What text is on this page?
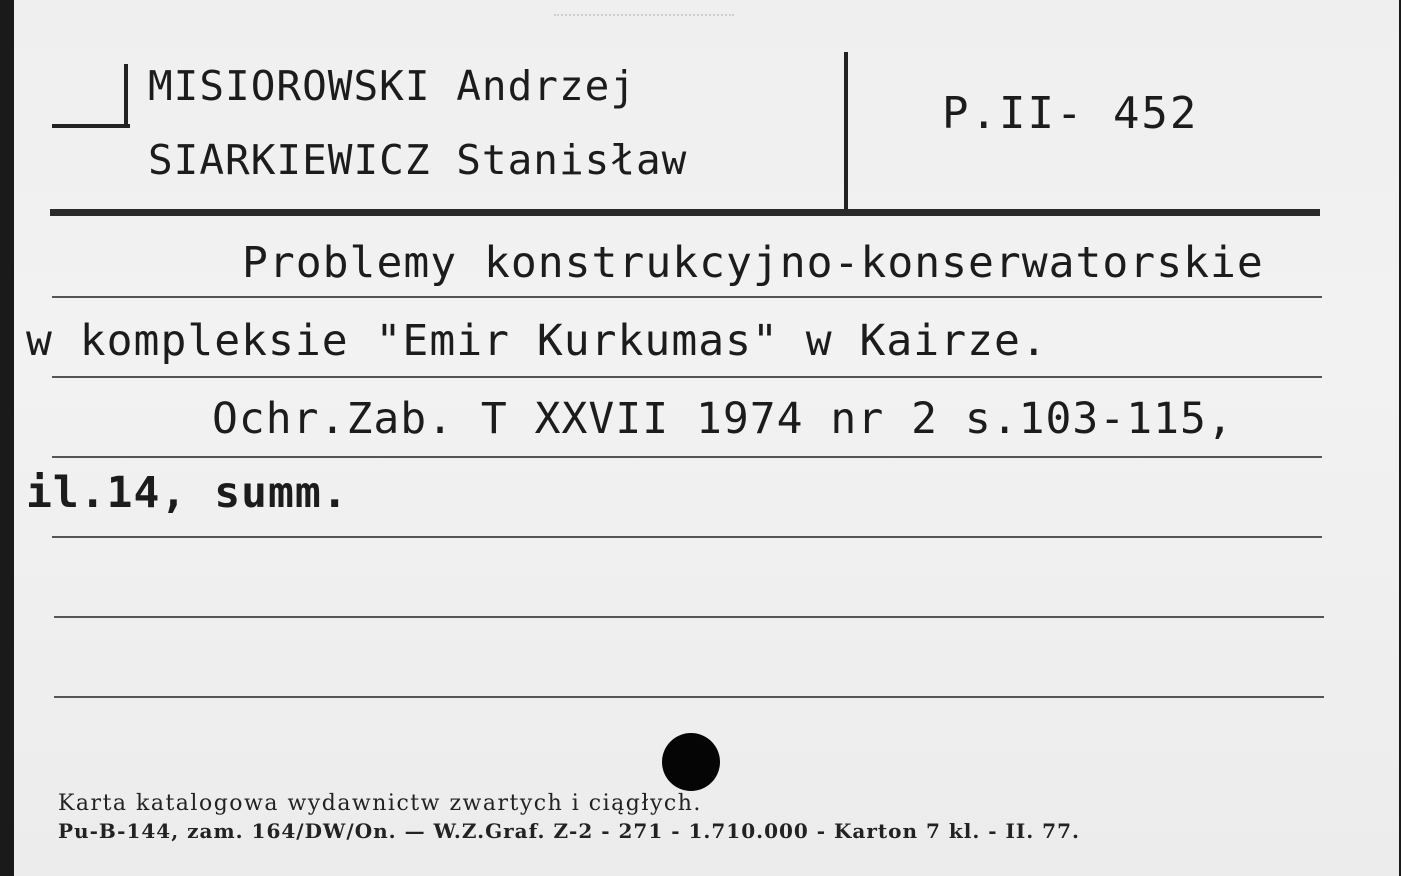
MISIOROWSKI Andrzej
SIARKIEWICZ Stanisław
P.II- 452
Problemy konstrukcyjno-konserwatorskie
w kompleksie "Emir Kurkumas" w Kairze.
Ochr.Zab. T XXVII 1974 nr 2 s.103-115,
il.14, summ.
Karta katalogowa wydawnictw zwartych i ciągłych.
Pu-B-144, zam. 164/DW/On. — W.Z.Graf. Z-2 - 271 - 1.710.000 - Karton 7 kl. - II. 77.
